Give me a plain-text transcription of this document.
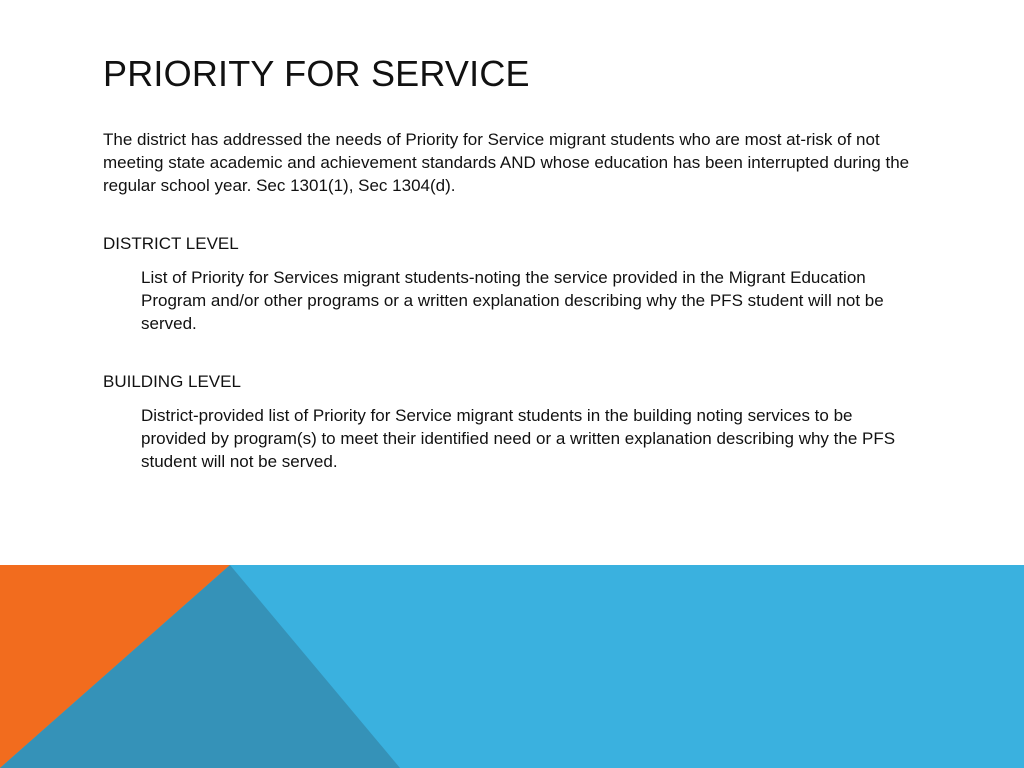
PRIORITY FOR SERVICE

The district has addressed the needs of Priority for Service migrant students who are most at-risk of not meeting state academic and achievement standards AND whose education has been interrupted during the regular school year. Sec 1301(1), Sec 1304(d).

DISTRICT LEVEL

List of Priority for Services migrant students-noting the service provided in the Migrant Education Program and/or other programs or a written explanation describing why the PFS student will not be served.

BUILDING LEVEL

District-provided list of Priority for Service migrant students in the building noting services to be provided by program(s) to meet their identified need or a written explanation describing why the PFS student will not be served.
